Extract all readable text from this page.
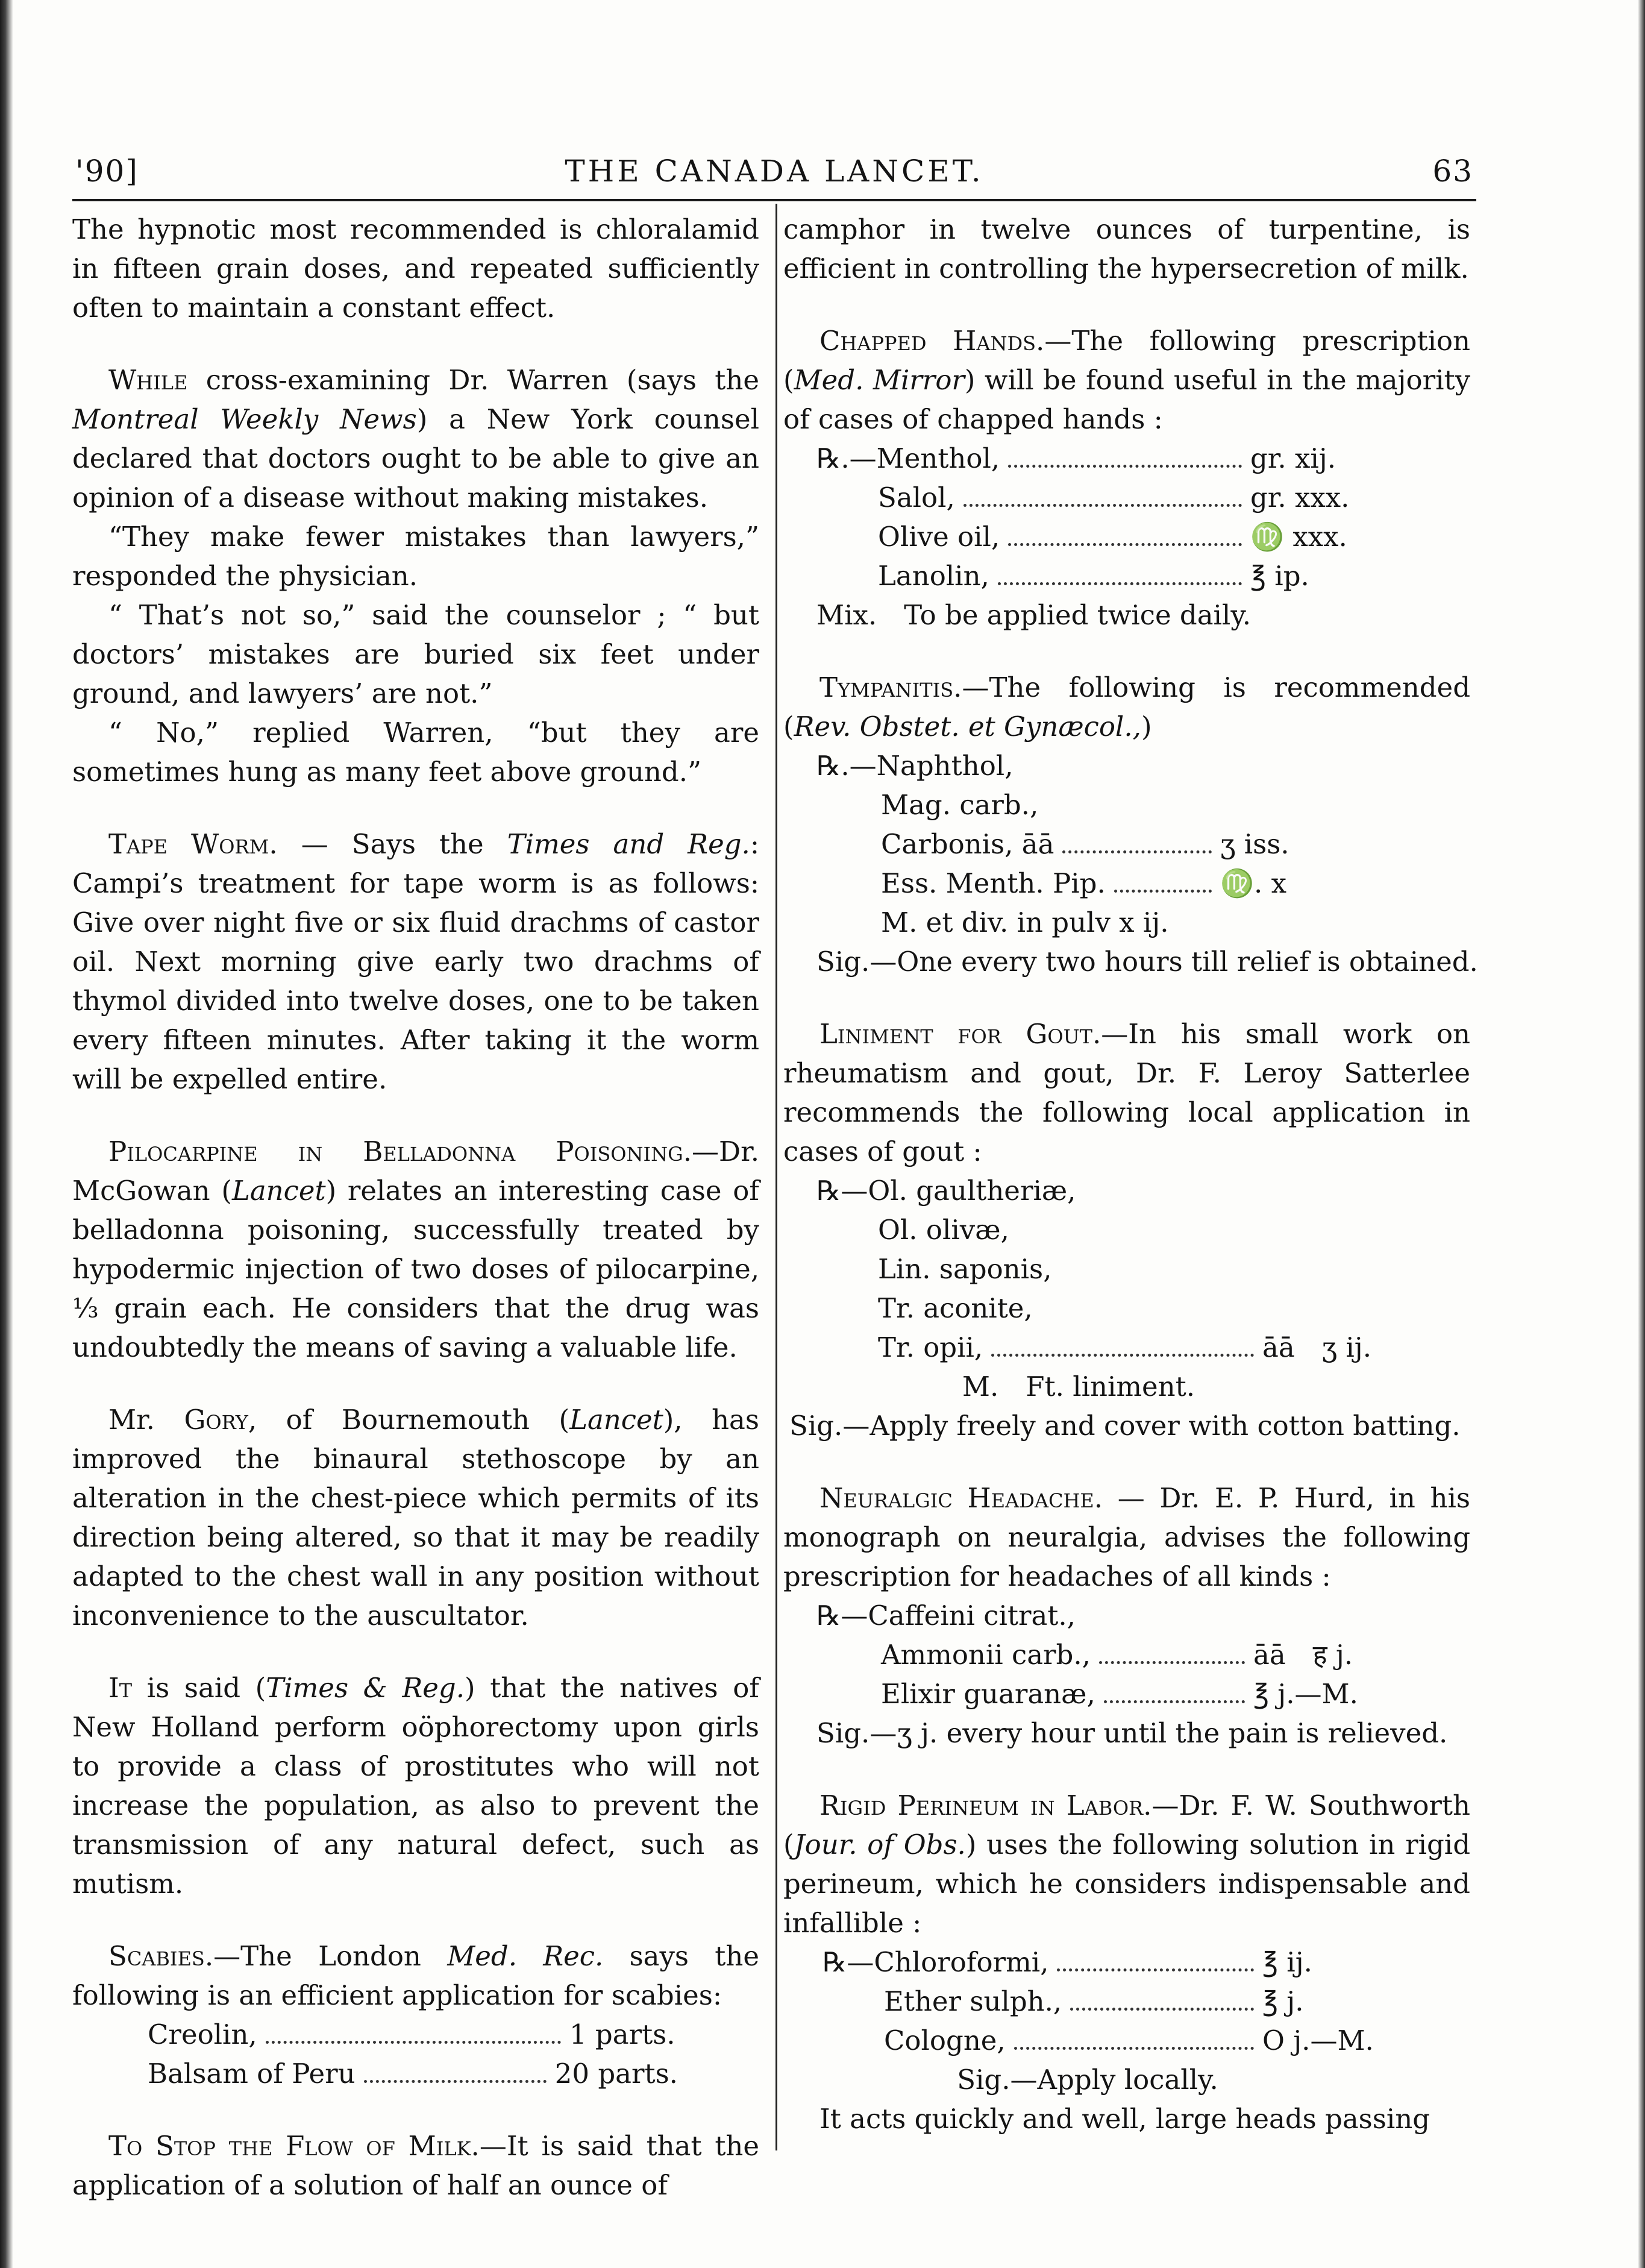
'90]	THE CANADA LANCET.	63

The hypnotic most recommended is chloralamid in fifteen grain doses, and repeated sufficiently often to maintain a constant effect.

While cross-examining Dr. Warren (says the Montreal Weekly News) a New York counsel declared that doctors ought to be able to give an opinion of a disease without making mistakes.

“They make fewer mistakes than lawyers,” responded the physician.

“ That’s not so,” said the counselor ; “ but doctors’ mistakes are buried six feet under ground, and lawyers’ are not.”

“ No,” replied Warren, “but they are sometimes hung as many feet above ground.”

Tape Worm. — Says the Times and Reg.: Campi’s treatment for tape worm is as follows: Give over night five or six fluid drachms of castor oil. Next morning give early two drachms of thymol divided into twelve doses, one to be taken every fifteen minutes. After taking it the worm will be expelled entire.

Pilocarpine in Belladonna Poisoning.—Dr. McGowan (Lancet) relates an interesting case of belladonna poisoning, successfully treated by hypodermic injection of two doses of pilocarpine, ⅓ grain each. He considers that the drug was undoubtedly the means of saving a valuable life.

Mr. Gory, of Bournemouth (Lancet), has improved the binaural stethoscope by an alteration in the chest-piece which permits of its direction being altered, so that it may be readily adapted to the chest wall in any position without inconvenience to the auscultator.

It is said (Times & Reg.) that the natives of New Holland perform oöphorectomy upon girls to provide a class of prostitutes who will not increase the population, as also to prevent the transmission of any natural defect, such as mutism.

Scabies.—The London Med. Rec. says the following is an efficient application for scabies:

Creolin,	1 parts.
Balsam of Peru	20 parts.

To Stop the Flow of Milk.—It is said that the application of a solution of half an ounce of

camphor in twelve ounces of turpentine, is efficient in controlling the hypersecretion of milk.

Chapped Hands.—The following prescription (Med. Mirror) will be found useful in the majority of cases of chapped hands :

℞.—Menthol,	gr. xij.
Salol,	gr. xxx.
Olive oil,	♍ xxx.
Lanolin,	℥ ip.
Mix. To be applied twice daily.

Tympanitis.—The following is recommended (Rev. Obstet. et Gynæcol.,)

℞.—Naphthol,
Mag. carb.,
Carbonis, āā	ʒ iss.
Ess. Menth. Pip.	♍. x
M. et div. in pulv x ij.
Sig.—One every two hours till relief is obtained.

Liniment for Gout.—In his small work on rheumatism and gout, Dr. F. Leroy Satterlee recommends the following local application in cases of gout :

℞—Ol. gaultheriæ,
Ol. olivæ,
Lin. saponis,
Tr. aconite,
Tr. opii,	āā ʒ ij.
M. Ft. liniment.
Sig.—Apply freely and cover with cotton batting.

Neuralgic Headache. — Dr. E. P. Hurd, in his monograph on neuralgia, advises the following prescription for headaches of all kinds :

℞—Caffeini citrat.,
Ammonii carb.,	āā ह j.
Elixir guaranæ,	℥ j.—M.
Sig.—ʒ j. every hour until the pain is relieved.

Rigid Perineum in Labor.—Dr. F. W. Southworth (Jour. of Obs.) uses the following solution in rigid perineum, which he considers indispensable and infallible :

℞—Chloroformi,	℥ ij.
Ether sulph.,	℥ j.
Cologne,	O j.—M.
Sig.—Apply locally.

It acts quickly and well, large heads passing
